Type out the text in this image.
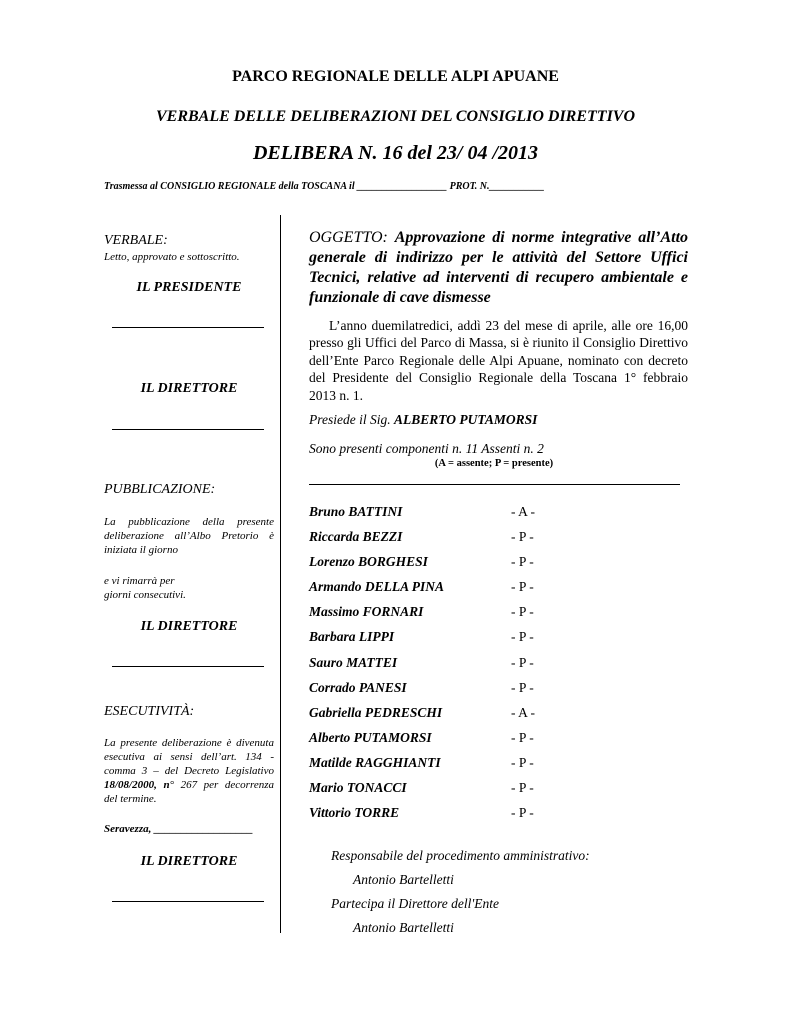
PARCO REGIONALE DELLE ALPI APUANE
VERBALE DELLE DELIBERAZIONI DEL CONSIGLIO DIRETTIVO
DELIBERA N. 16 del 23/ 04 /2013
Trasmessa al CONSIGLIO REGIONALE della TOSCANA il __________________ PROT. N.___________
VERBALE:
Letto, approvato e sottoscritto.
IL PRESIDENTE
IL DIRETTORE
PUBBLICAZIONE:
La pubblicazione della presente deliberazione all’Albo Pretorio è iniziata il giorno
e vi rimarrà per
giorni consecutivi.
IL DIRETTORE
ESECUTIVITÀ:
La presente deliberazione è divenuta esecutiva ai sensi dell’art. 134 - comma 3 – del Decreto Legislativo 18/08/2000, n° 267 per decorrenza del termine.
Seravezza, __________________
IL DIRETTORE
OGGETTO: Approvazione di norme integrative all’Atto generale di indirizzo per le attività del Settore Uffici Tecnici, relative ad interventi di recupero ambientale e funzionale di cave dismesse
L’anno duemilatredici, addì 23 del mese di aprile, alle ore 16,00 presso gli Uffici del Parco di Massa, si è riunito il Consiglio Direttivo dell’Ente Parco Regionale delle Alpi Apuane, nominato con decreto del Presidente del Consiglio Regionale della Toscana 1° febbraio 2013 n. 1.
Presiede il Sig. ALBERTO PUTAMORSI
Sono presenti componenti n. 11 Assenti n. 2
(A = assente; P = presente)
Bruno BATTINI	- A -
Riccarda BEZZI	- P -
Lorenzo BORGHESI	- P -
Armando DELLA PINA	- P -
Massimo FORNARI	- P -
Barbara LIPPI	- P -
Sauro MATTEI	- P -
Corrado PANESI	- P -
Gabriella PEDRESCHI	- A -
Alberto PUTAMORSI	- P -
Matilde RAGGHIANTI	- P -
Mario TONACCI	- P -
Vittorio TORRE	- P -
Responsabile del procedimento amministrativo:
Antonio Bartelletti
Partecipa il Direttore dell'Ente
Antonio Bartelletti
